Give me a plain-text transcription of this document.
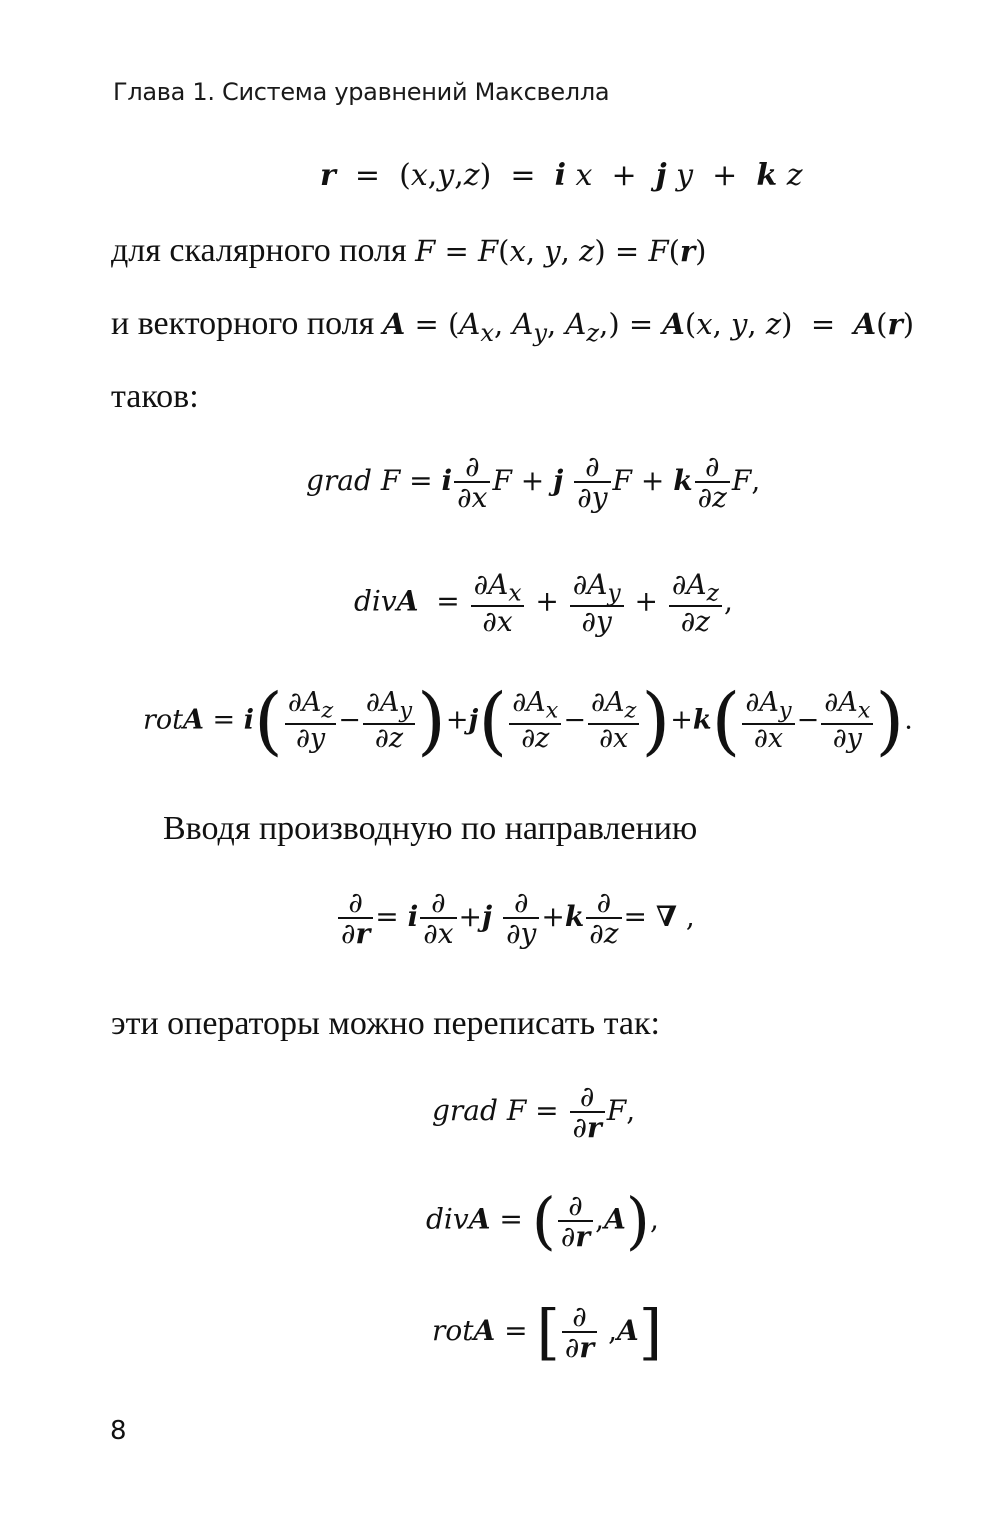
Глава 1. Система уравнений Максвелла
r  =  (x,y,z)  =  i x  +  j y  +  k z
для скалярного поля F = F(x, y, z) = F(r)
и векторного поля $A = (A_x$, $A_y$, $A_z,) = A(x$, y, z)  =  A(r)
таков:
grad F = i $\frac{\partial}{\partial x}$ F + j $\frac{\partial}{\partial y}$ F + k $\frac{\partial}{\partial z} F$,
divA  = $\frac{\partial A_x}{\partial x} + \frac{\partial A_y}{\partial y} + \frac{\partial A_z}{\partial z}$ ,
rotA = $i( \frac{\partial A_z}{\partial y} - \frac{\partial A_y}{\partial z} )+j( \frac{\partial A_x}{\partial z} - \frac{\partial A_z}{\partial x} )+k( \frac{\partial A_y}{\partial x} - \frac{\partial A_x}{\partial y}$ ).
Вводя производную по направлению
$\frac{\partial}{\partial r} = i \frac{\partial}{\partial x} +j \frac{\partial}{\partial y} +k \frac{\partial}{\partial z}$ = ∇ ,
эти операторы можно переписать так:
grad $F = \frac{\partial}{\partial r} F$,
divA = ( $\frac{\partial}{\partial r} ,A$),
rotA = [ $\frac{\partial}{\partial r} ,A$]
8
